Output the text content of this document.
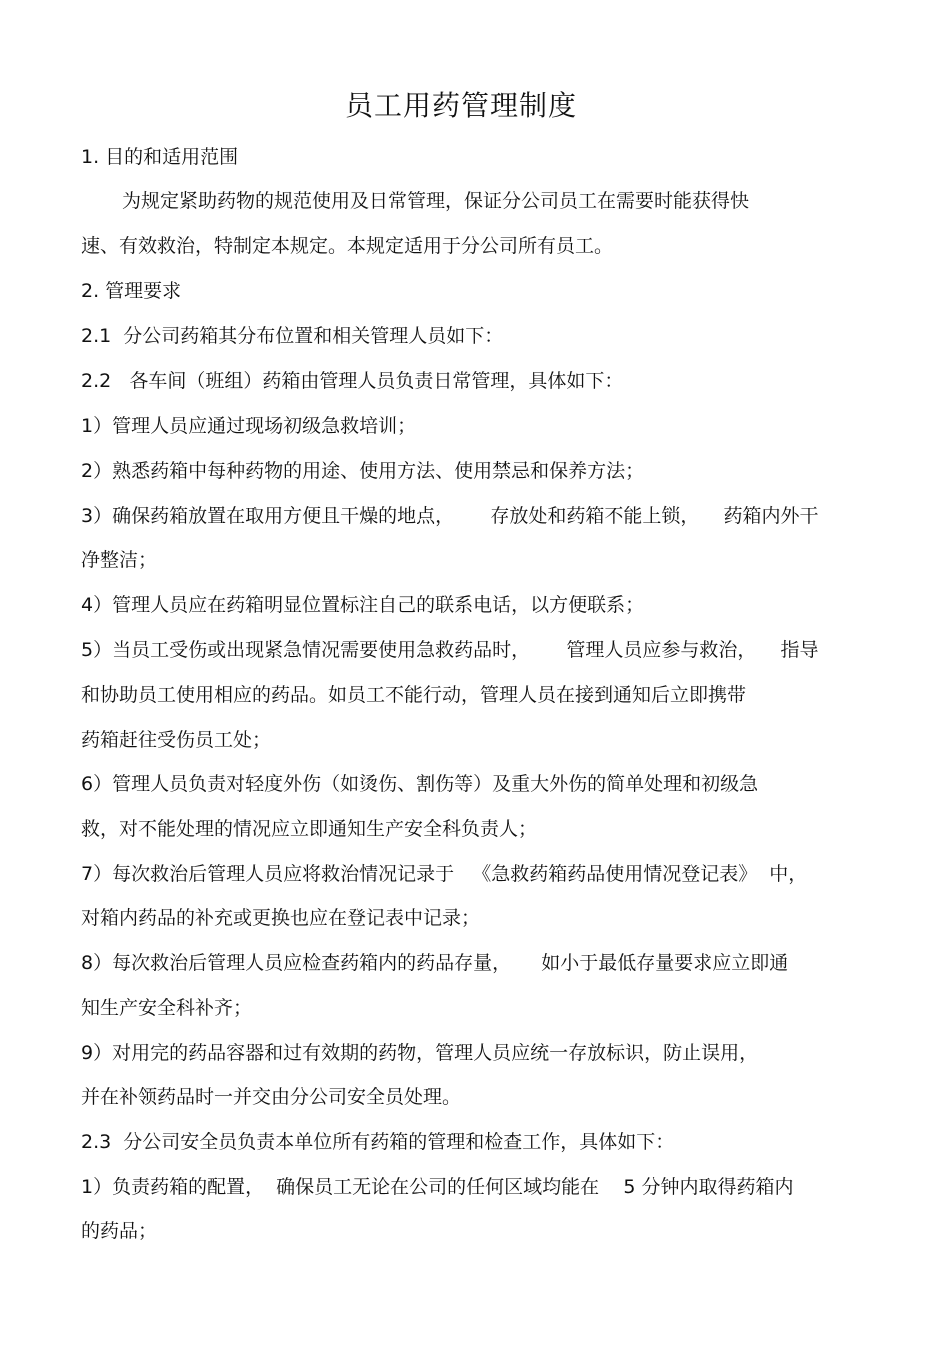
员工用药管理制度

1. 目的和适用范围

为规定紧助药物的规范使用及日常管理，保证分公司员工在需要时能获得快

速、有效救治，特制定本规定。本规定适用于分公司所有员工。

2. 管理要求

2.1  分公司药箱其分布位置和相关管理人员如下：

2.2   各车间（班组）药箱由管理人员负责日常管理，具体如下：

1）管理人员应通过现场初级急救培训；

2）熟悉药箱中每种药物的用途、使用方法、使用禁忌和保养方法；

3）确保药箱放置在取用方便且干燥的地点，      存放处和药箱不能上锁，    药箱内外干

净整洁；

4）管理人员应在药箱明显位置标注自己的联系电话，以方便联系；

5）当员工受伤或出现紧急情况需要使用急救药品时，      管理人员应参与救治，    指导

和协助员工使用相应的药品。如员工不能行动，管理人员在接到通知后立即携带

药箱赶往受伤员工处；

6）管理人员负责对轻度外伤（如烫伤、割伤等）及重大外伤的简单处理和初级急

救，对不能处理的情况应立即通知生产安全科负责人；

7）每次救治后管理人员应将救治情况记录于   《急救药箱药品使用情况登记表》  中，

对箱内药品的补充或更换也应在登记表中记录；

8）每次救治后管理人员应检查药箱内的药品存量，     如小于最低存量要求应立即通

知生产安全科补齐；

9）对用完的药品容器和过有效期的药物，管理人员应统一存放标识，防止误用，

并在补领药品时一并交由分公司安全员处理。

2.3  分公司安全员负责本单位所有药箱的管理和检查工作，具体如下：

1）负责药箱的配置，  确保员工无论在公司的任何区域均能在    5 分钟内取得药箱内

的药品；
